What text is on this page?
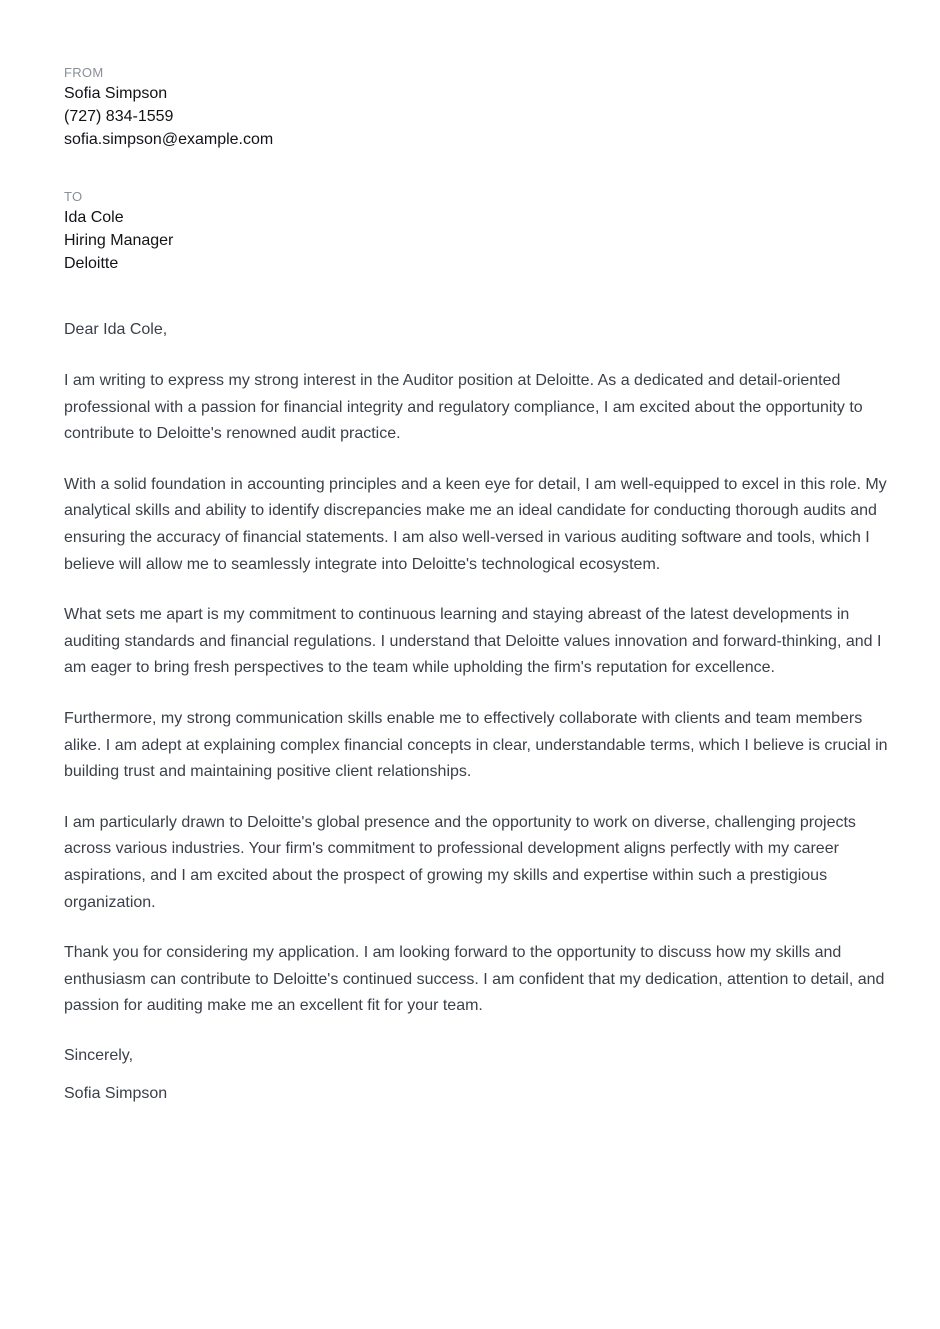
FROM

Sofia Simpson

(727) 834-1559

sofia.simpson@example.com

TO

Ida Cole

Hiring Manager

Deloitte

Dear Ida Cole,

I am writing to express my strong interest in the Auditor position at Deloitte. As a dedicated and detail-oriented professional with a passion for financial integrity and regulatory compliance, I am excited about the opportunity to contribute to Deloitte's renowned audit practice.

With a solid foundation in accounting principles and a keen eye for detail, I am well-equipped to excel in this role. My analytical skills and ability to identify discrepancies make me an ideal candidate for conducting thorough audits and ensuring the accuracy of financial statements. I am also well-versed in various auditing software and tools, which I believe will allow me to seamlessly integrate into Deloitte's technological ecosystem.

What sets me apart is my commitment to continuous learning and staying abreast of the latest developments in auditing standards and financial regulations. I understand that Deloitte values innovation and forward-thinking, and I am eager to bring fresh perspectives to the team while upholding the firm's reputation for excellence.

Furthermore, my strong communication skills enable me to effectively collaborate with clients and team members alike. I am adept at explaining complex financial concepts in clear, understandable terms, which I believe is crucial in building trust and maintaining positive client relationships.

I am particularly drawn to Deloitte's global presence and the opportunity to work on diverse, challenging projects across various industries. Your firm's commitment to professional development aligns perfectly with my career aspirations, and I am excited about the prospect of growing my skills and expertise within such a prestigious organization.

Thank you for considering my application. I am looking forward to the opportunity to discuss how my skills and enthusiasm can contribute to Deloitte's continued success. I am confident that my dedication, attention to detail, and passion for auditing make me an excellent fit for your team.

Sincerely,
Sofia Simpson
